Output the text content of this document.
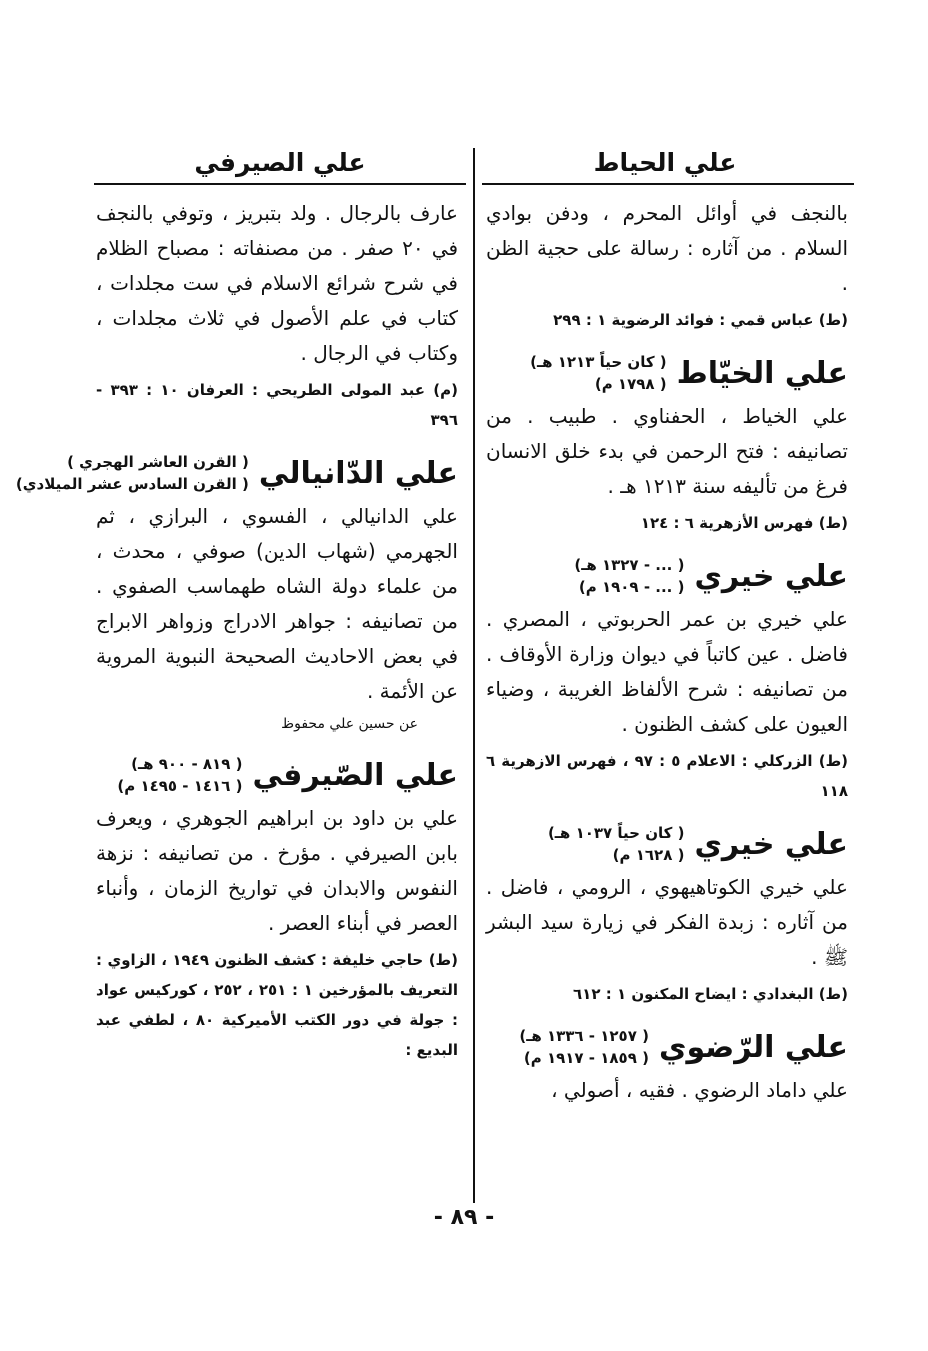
علي الحياط
علي الصيرفي

بالنجف في أوائل المحرم ، ودفن بوادي السلام . من آثاره : رسالة على حجية الظن .

(ط) عباس قمي : فوائد الرضوية ١ : ٢٩٩

علي الخيّاط
( كان حياً ١٢١٣ هـ)
( ١٧٩٨ م)

علي الخياط ، الحفناوي . طبيب . من تصانيفه : فتح الرحمن في بدء خلق الانسان فرغ من تأليفه سنة ١٢١٣ هـ .

(ط) فهرس الأزهرية ٦ : ١٢٤

علي خيري
( ... - ١٣٢٧ هـ)
( ... - ١٩٠٩ م)

علي خيري بن عمر الحربوتي ، المصري . فاضل . عين كاتباً في ديوان وزارة الأوقاف . من تصانيفه : شرح الألفاظ الغريبة ، وضياء العيون على كشف الظنون .

(ط) الزركلي : الاعلام ٥ : ٩٧ ، فهرس الازهرية ٦ ١١٨

علي خيري
( كان حياً ١٠٣٧ هـ)
( ١٦٢٨ م)

علي خيري الكوتاهيهوي ، الرومي ، فاضل . من آثاره : زبدة الفكر في زيارة سيد البشر ﷺ .

(ط) البغدادي : ايضاح المكنون ١ : ٦١٢

علي الرّضوي
( ١٢٥٧ - ١٣٣٦ هـ)
( ١٨٥٩ - ١٩١٧ م)

علي داماد الرضوي . فقيه ، أصولي ،

عارف بالرجال . ولد بتبريز ، وتوفي بالنجف في ٢٠ صفر . من مصنفاته : مصباح الظلام في شرح شرائع الاسلام في ست مجلدات ، كتاب في علم الأصول في ثلاث مجلدات ، وكتاب في الرجال .

(م) عبد المولى الطريحي : العرفان ١٠ : ٣٩٣ - ٣٩٦

علي الدّانيالي
( القرن العاشر الهجري )
( القرن السادس عشر الميلادي)

علي الدانيالي ، الفسوي ، البرازي ، ثم الجهرمي (شهاب الدين) صوفي ، محدث ، من علماء دولة الشاه طهماسب الصفوي . من تصانيفه : جواهر الادراج وزواهر الابراج في بعض الاحاديث الصحيحة النبوية المروية عن الأئمة .

عن حسين علي محفوظ

علي الصّيرفي
( ٨١٩ - ٩٠٠ هـ)
( ١٤١٦ - ١٤٩٥ م)

علي بن داود بن ابراهيم الجوهري ، ويعرف بابن الصيرفي . مؤرخ . من تصانيفه : نزهة النفوس والابدان في تواريخ الزمان ، وأنباء العصر في أبناء العصر .

(ط) حاجي خليفة : كشف الظنون ١٩٤٩ ، الزاوي : التعريف بالمؤرخين ١ : ٢٥١ ، ٢٥٢ ، كوركيس عواد : جولة في دور الكتب الأميركية ٨٠ ، لطفي عبد البديع :

- ٨٩ -
